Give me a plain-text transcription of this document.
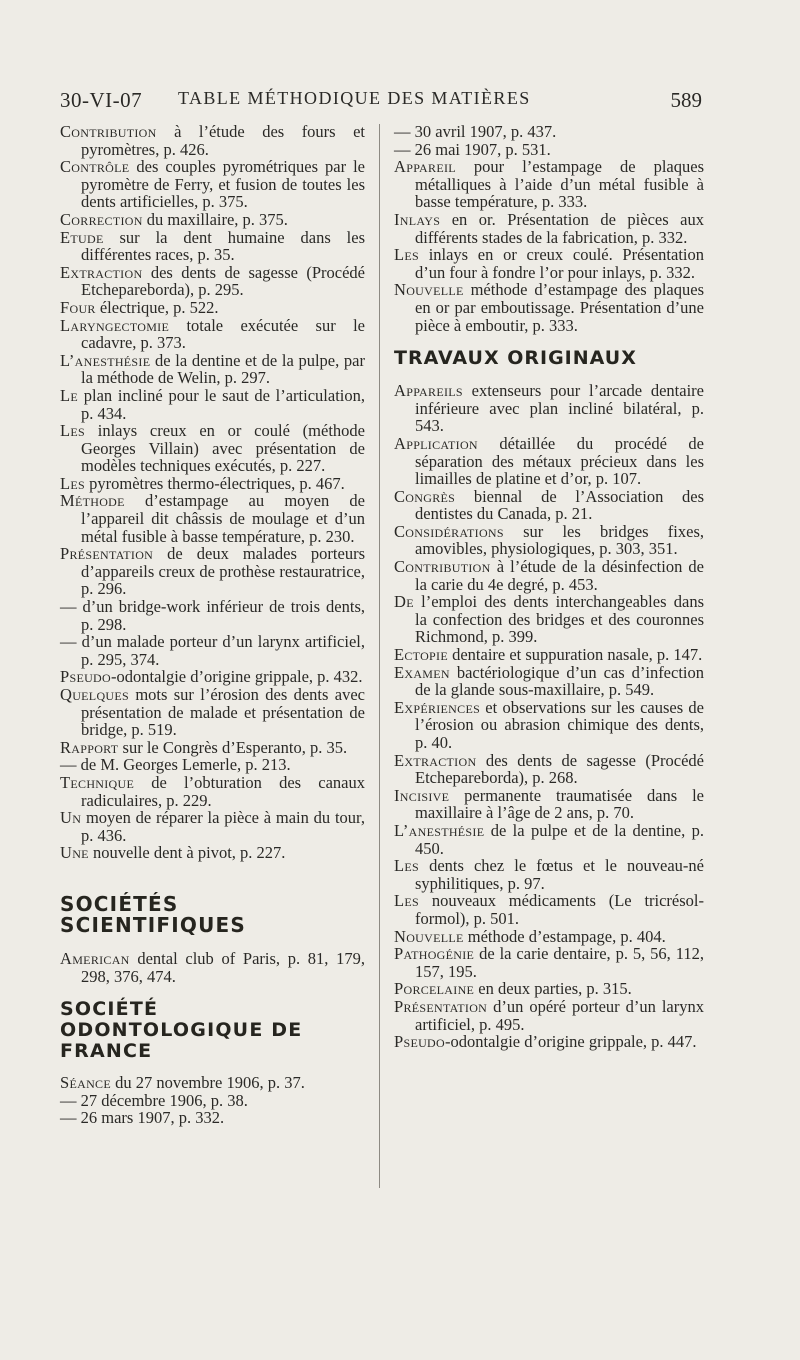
30-VI-07 TABLE MÉTHODIQUE DES MATIÈRES	589
Contribution à l’étude des fours et pyromètres, p. 426.
Contrôle des couples pyrométriques par le pyromètre de Ferry, et fusion de toutes les dents artificielles, p. 375.
Correction du maxillaire, p. 375.
Etude sur la dent humaine dans les différentes races, p. 35.
Extraction des dents de sagesse (Procédé Etchepareborda), p. 295.
Four électrique, p. 522.
Laryngectomie totale exécutée sur le cadavre, p. 373.
L’anesthésie de la dentine et de la pulpe, par la méthode de Welin, p. 297.
Le plan incliné pour le saut de l’articulation, p. 434.
Les inlays creux en or coulé (méthode Georges Villain) avec présentation de modèles techniques exécutés, p. 227.
Les pyromètres thermo-électriques, p. 467.
Méthode d’estampage au moyen de l’appareil dit châssis de moulage et d’un métal fusible à basse température, p. 230.
Présentation de deux malades porteurs d’appareils creux de prothèse restauratrice, p. 296.
— d’un bridge-work inférieur de trois dents, p. 298.
— d’un malade porteur d’un larynx artificiel, p. 295, 374.
Pseudo-odontalgie d’origine grippale, p. 432.
Quelques mots sur l’érosion des dents avec présentation de malade et présentation de bridge, p. 519.
Rapport sur le Congrès d’Esperanto, p. 35.
— de M. Georges Lemerle, p. 213.
Technique de l’obturation des canaux radiculaires, p. 229.
Un moyen de réparer la pièce à main du tour, p. 436.
Une nouvelle dent à pivot, p. 227.
SOCIÉTÉS SCIENTIFIQUES
American dental club of Paris, p. 81, 179, 298, 376, 474.
SOCIÉTÉ ODONTOLOGIQUE DE FRANCE
Séance du 27 novembre 1906, p. 37.
— 27 décembre 1906, p. 38.
— 26 mars 1907, p. 332.
— 30 avril 1907, p. 437.
— 26 mai 1907, p. 531.
Appareil pour l’estampage de plaques métalliques à l’aide d’un métal fusible à basse température, p. 333.
Inlays en or. Présentation de pièces aux différents stades de la fabrication, p. 332.
Les inlays en or creux coulé. Présentation d’un four à fondre l’or pour inlays, p. 332.
Nouvelle méthode d’estampage des plaques en or par emboutissage. Présentation d’une pièce à emboutir, p. 333.
TRAVAUX ORIGINAUX
Appareils extenseurs pour l’arcade dentaire inférieure avec plan incliné bilatéral, p. 543.
Application détaillée du procédé de séparation des métaux précieux dans les limailles de platine et d’or, p. 107.
Congrès biennal de l’Association des dentistes du Canada, p. 21.
Considérations sur les bridges fixes, amovibles, physiologiques, p. 303, 351.
Contribution à l’étude de la désinfection de la carie du 4e degré, p. 453.
De l’emploi des dents interchangeables dans la confection des bridges et des couronnes Richmond, p. 399.
Ectopie dentaire et suppuration nasale, p. 147.
Examen bactériologique d’un cas d’infection de la glande sous-maxillaire, p. 549.
Expériences et observations sur les causes de l’érosion ou abrasion chimique des dents, p. 40.
Extraction des dents de sagesse (Procédé Etchepareborda), p. 268.
Incisive permanente traumatisée dans le maxillaire à l’âge de 2 ans, p. 70.
L’anesthésie de la pulpe et de la dentine, p. 450.
Les dents chez le fœtus et le nouveau-né syphilitiques, p. 97.
Les nouveaux médicaments (Le tricrésol-formol), p. 501.
Nouvelle méthode d’estampage, p. 404.
Pathogénie de la carie dentaire, p. 5, 56, 112, 157, 195.
Porcelaine en deux parties, p. 315.
Présentation d’un opéré porteur d’un larynx artificiel, p. 495.
Pseudo-odontalgie d’origine grippale, p. 447.
